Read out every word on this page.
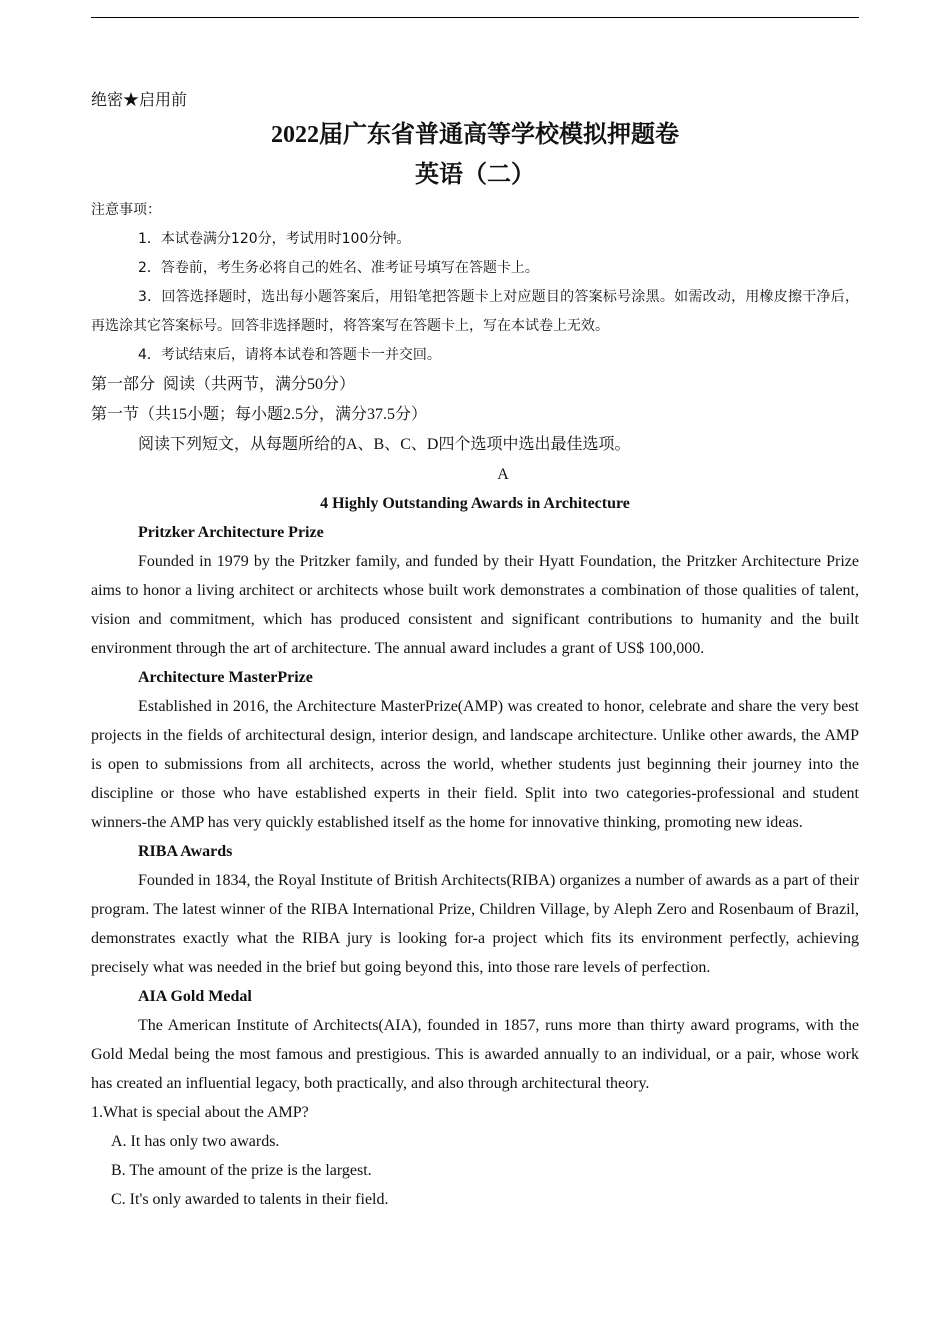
绝密★启用前

2022届广东省普通高等学校模拟押题卷
英语（二）

注意事项：

1．本试卷满分120分，考试用时100分钟。

2．答卷前，考生务必将自己的姓名、准考证号填写在答题卡上。

3．回答选择题时，选出每小题答案后，用铅笔把答题卡上对应题目的答案标号涂黑。如需改动，用橡皮擦干净后，再选涂其它答案标号。回答非选择题时，将答案写在答题卡上，写在本试卷上无效。

4．考试结束后，请将本试卷和答题卡一并交回。

第一部分  阅读（共两节，满分50分）

第一节（共15小题；每小题2.5分，满分37.5分）

阅读下列短文，从每题所给的A、B、C、D四个选项中选出最佳选项。

A

4 Highly Outstanding Awards in Architecture

Pritzker Architecture Prize

Founded in 1979 by the Pritzker family, and funded by their Hyatt Foundation, the Pritzker Architecture Prize aims to honor a living architect or architects whose built work demonstrates a combination of those qualities of talent, vision and commitment, which has produced consistent and significant contributions to humanity and the built environment through the art of architecture. The annual award includes a grant of US$ 100,000.

Architecture MasterPrize

Established in 2016, the Architecture MasterPrize(AMP) was created to honor, celebrate and share the very best projects in the fields of architectural design, interior design, and landscape architecture. Unlike other awards, the AMP is open to submissions from all architects, across the world, whether students just beginning their journey into the discipline or those who have established experts in their field. Split into two categories-professional and student winners-the AMP has very quickly established itself as the home for innovative thinking, promoting new ideas.

RIBA Awards

Founded in 1834, the Royal Institute of British Architects(RIBA) organizes a number of awards as a part of their program. The latest winner of the RIBA International Prize, Children Village, by Aleph Zero and Rosenbaum of Brazil, demonstrates exactly what the RIBA jury is looking for-a project which fits its environment perfectly, achieving precisely what was needed in the brief but going beyond this, into those rare levels of perfection.

AIA Gold Medal

The American Institute of Architects(AIA), founded in 1857, runs more than thirty award programs, with the Gold Medal being the most famous and prestigious. This is awarded annually to an individual, or a pair, whose work has created an influential legacy, both practically, and also through architectural theory.

1.What is special about the AMP?

A. It has only two awards.

B. The amount of the prize is the largest.

C. It's only awarded to talents in their field.
